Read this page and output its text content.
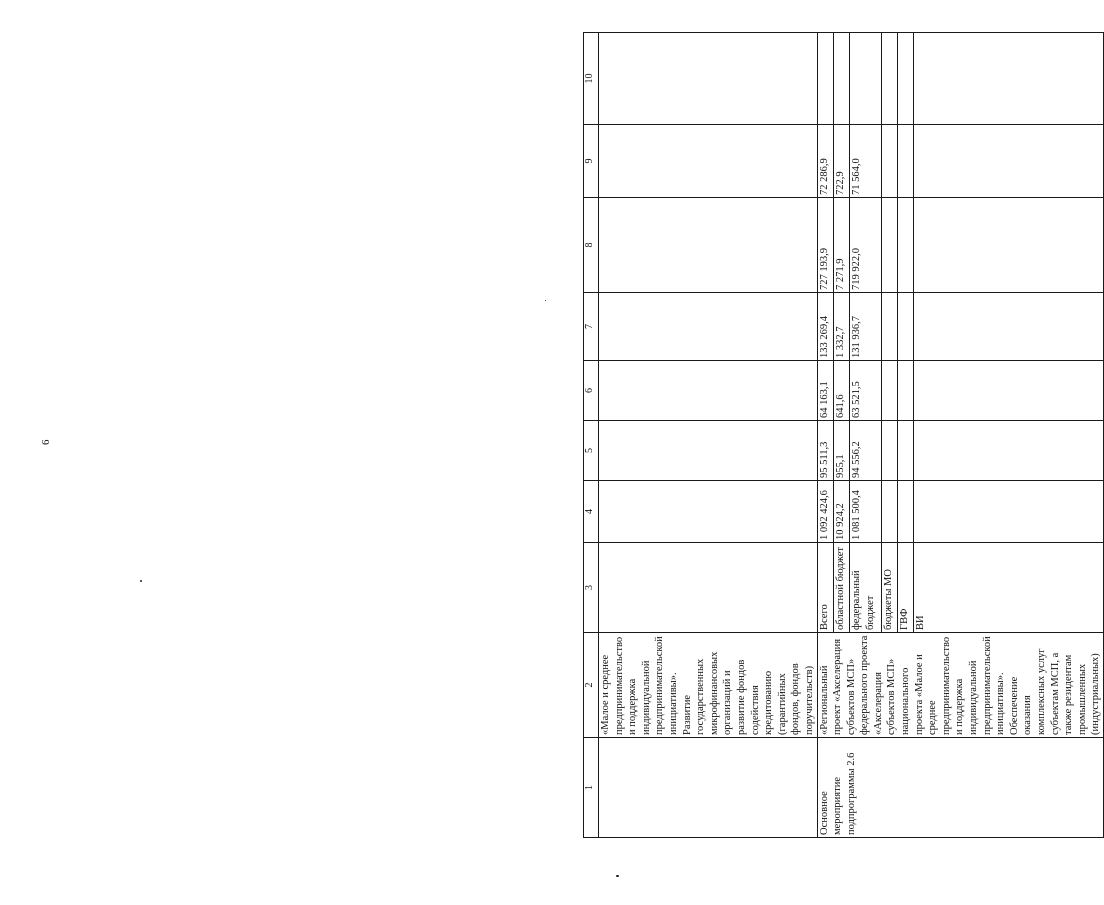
6
1	2	3	4	5	6	7	8	9	10
	«Малое и среднее предпринимательство и поддержка индивидуальной предпринимательской инициативы». Развитие государственных микрофинансовых организаций и развитие фондов содействия кредитованию (гарантийных фондов, фондов поручительств)								
Основное мероприятие подпрограммы 2.6	«Региональный проект «Акселерация субъектов МСП» федерального проекта «Акселерация субъектов МСП» национального проекта «Малое и среднее предпринимательство и поддержка индивидуальной предпринимательской инициативы». Обеспечение оказания комплексных услуг субъектам МСП, а также резидентам промышленных (индустриальных)	Всего	1 092 424,6	95 511,3	64 163,1	133 269,4	727 193,9	72 286,9	
		областной бюджет	10 924,2	955,1	641,6	1 332,7	7 271,9	722,9	
		федеральный бюджет	1 081 500,4	94 556,2	63 521,5	131 936,7	719 922,0	71 564,0	
		бюджеты МО							
		ГВФ							
		ВИ							
